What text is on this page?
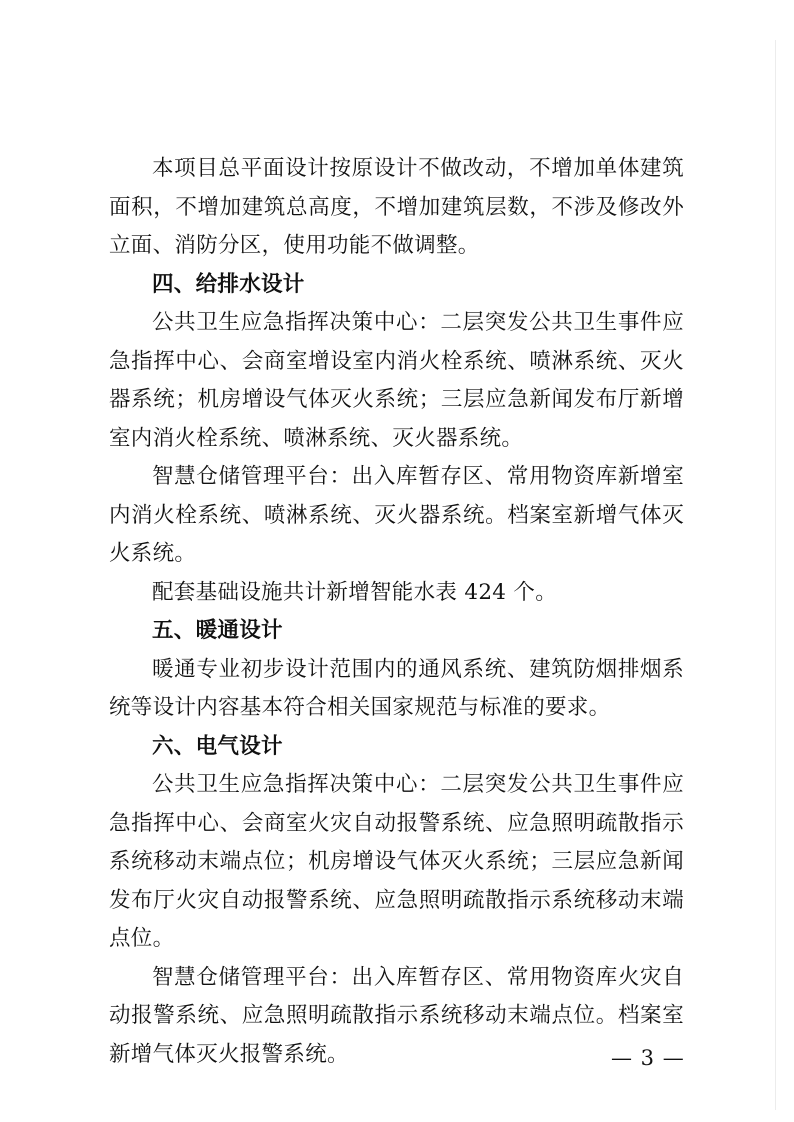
本项目总平面设计按原设计不做改动，不增加单体建筑面积，不增加建筑总高度，不增加建筑层数，不涉及修改外立面、消防分区，使用功能不做调整。

四、给排水设计

公共卫生应急指挥决策中心：二层突发公共卫生事件应急指挥中心、会商室增设室内消火栓系统、喷淋系统、灭火器系统；机房增设气体灭火系统；三层应急新闻发布厅新增室内消火栓系统、喷淋系统、灭火器系统。

智慧仓储管理平台：出入库暂存区、常用物资库新增室内消火栓系统、喷淋系统、灭火器系统。档案室新增气体灭火系统。

配套基础设施共计新增智能水表 424 个。

五、暖通设计

暖通专业初步设计范围内的通风系统、建筑防烟排烟系统等设计内容基本符合相关国家规范与标准的要求。

六、电气设计

公共卫生应急指挥决策中心：二层突发公共卫生事件应急指挥中心、会商室火灾自动报警系统、应急照明疏散指示系统移动末端点位；机房增设气体灭火系统；三层应急新闻发布厅火灾自动报警系统、应急照明疏散指示系统移动末端点位。

智慧仓储管理平台：出入库暂存区、常用物资库火灾自动报警系统、应急照明疏散指示系统移动末端点位。档案室新增气体灭火报警系统。	— 3 —
